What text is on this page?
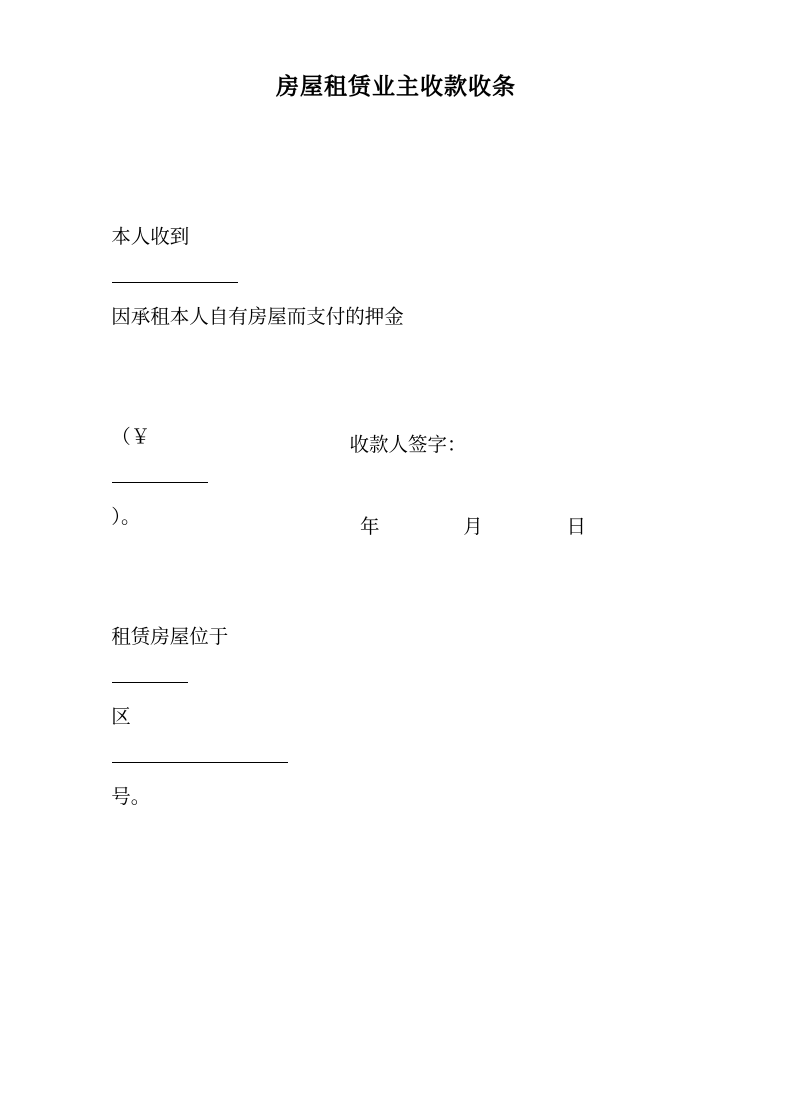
房屋租赁业主收款收条

本人收到

因承租本人自有房屋而支付的押金

（￥

）。

租赁房屋位于

区

号。

收款人签字：
年	月	日
